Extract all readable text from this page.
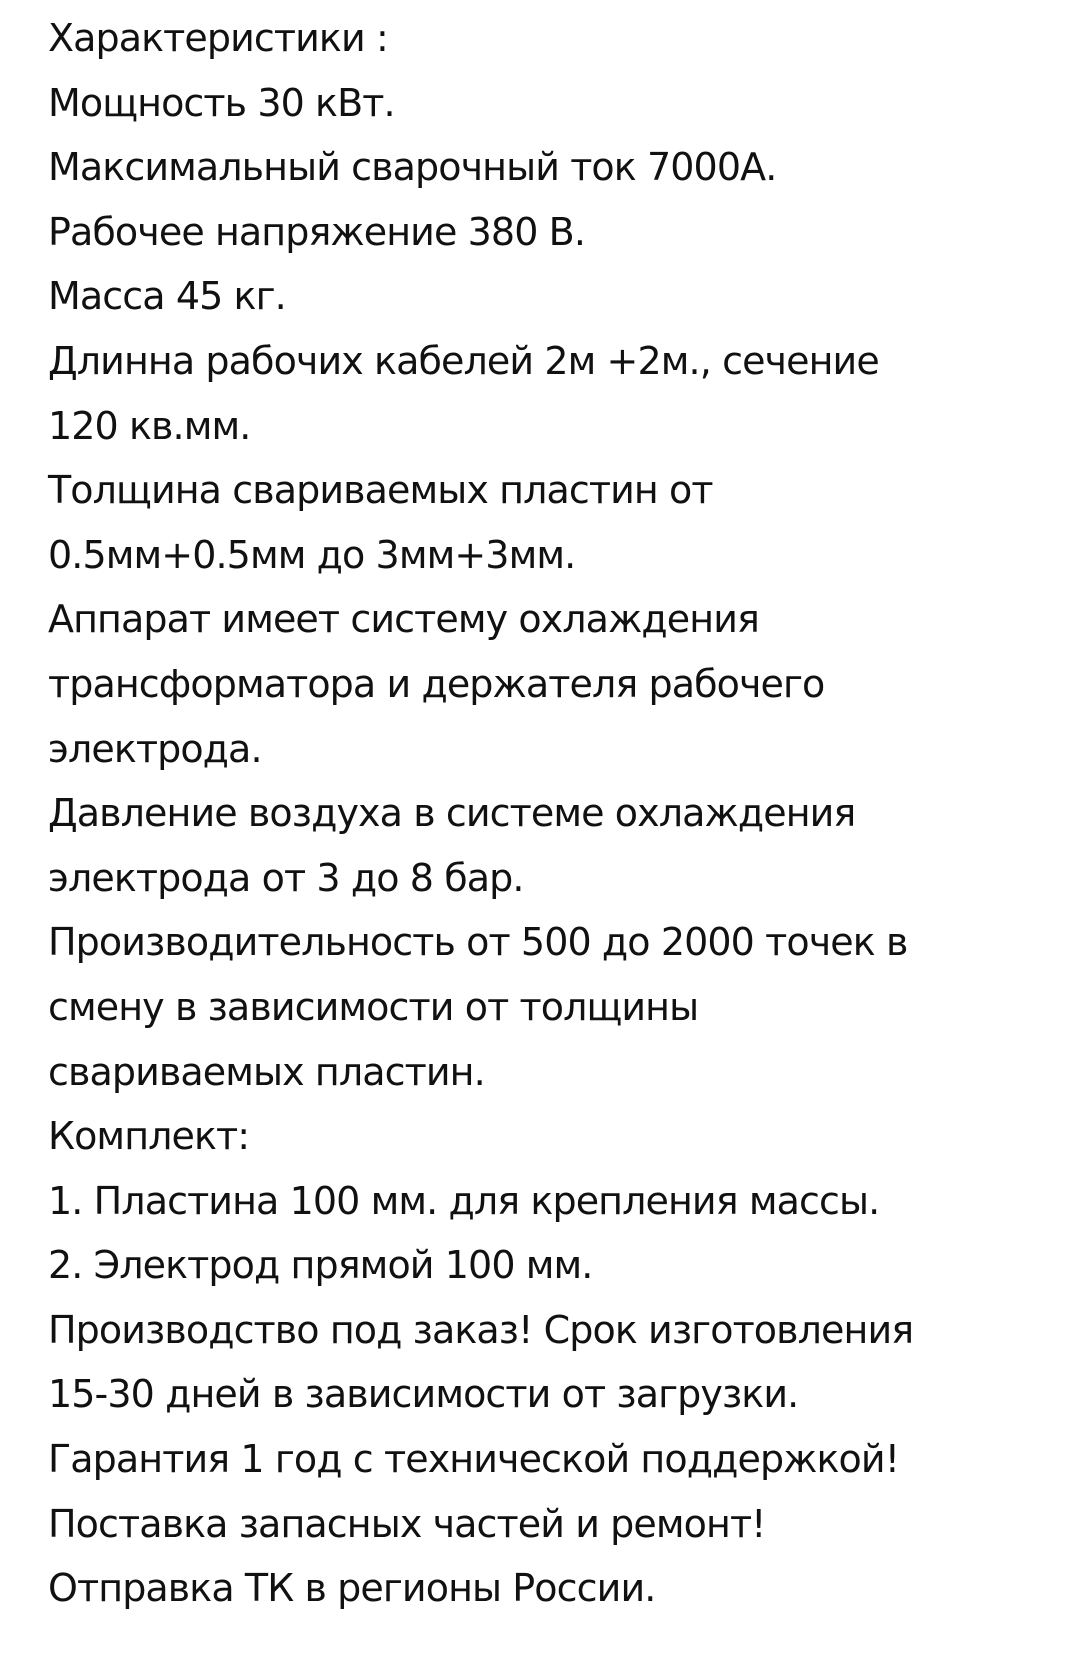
Характеристики :
Мощность 30 кВт.
Максимальный сварочный ток 7000А.
Рабочее напряжение 380 В.
Масса 45 кг.
Длинна рабочих кабелей 2м +2м., сечение
120 кв.мм.
Толщина свариваемых пластин от
0.5мм+0.5мм до 3мм+3мм.
Аппарат имеет систему охлаждения
трансформатора и держателя рабочего
электрода.
Давление воздуха в системе охлаждения
электрода от 3 до 8 бар.
Производительность от 500 до 2000 точек в
смену в зависимости от толщины
свариваемых пластин.
Комплект:
1. Пластина 100 мм. для крепления массы.
2. Электрод прямой 100 мм.
Производство под заказ! Срок изготовления
15-30 дней в зависимости от загрузки.
Гарантия 1 год с технической поддержкой!
Поставка запасных частей и ремонт!
Отправка ТК в регионы России.
